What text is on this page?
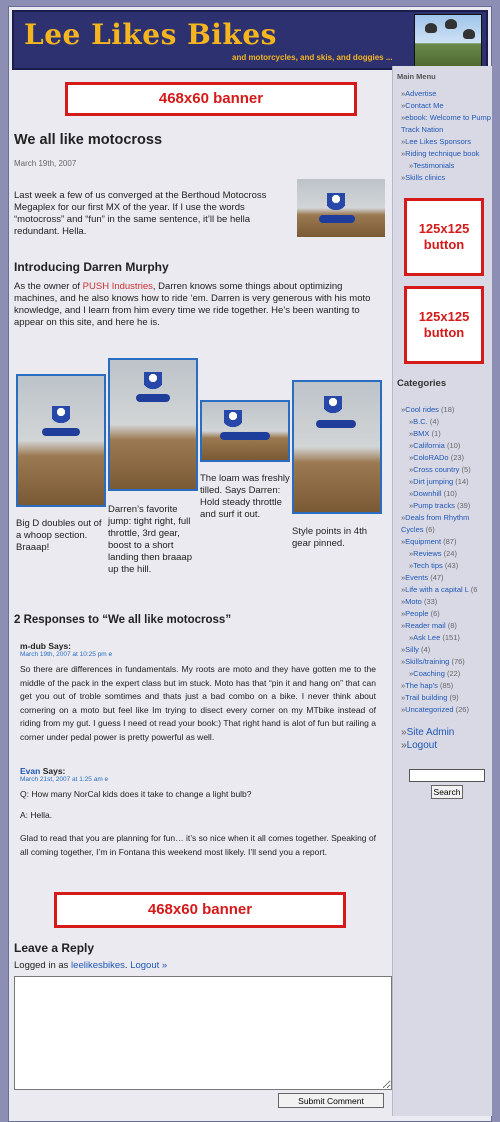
Lee Likes Bikes
and motorcycles, and skis, and doggies ...
468x60 banner
We all like motocross
March 19th, 2007
Last week a few of us converged at the Berthoud Motocross Megaplex for our first MX of the year. If I use the words “motocross” and “fun” in the same sentence, it’ll be hella redundant. Hella.
Introducing Darren Murphy
As the owner of PUSH Industries, Darren knows some things about optimizing machines, and he also knows how to ride ‘em. Darren is very generous with his moto knowledge, and I learn from him every time we ride together. He’s been wanting to appear on this site, and here he is.
Big D doubles out of a whoop section. Braaap!
Darren’s favorite jump: tight right, full throttle, 3rd gear, boost to a short landing then braaap up the hill.
The loam was freshly tilled. Says Darren: Hold steady throttle and surf it out.
Style points in 4th gear pinned.
2 Responses to “We all like motocross”
m-dub Says:
March 19th, 2007 at 10:25 pm e
So there are differences in fundamentals. My roots are moto and they have gotten me to the middle of the pack in the expert class but im stuck. Moto has that “pin it and hang on” that can get you out of troble somtimes and thats just a bad combo on a bike. I never think about cornering on a moto but feel like Im trying to disect every corner on my MTbike instead of riding from my gut. I guess I need ot read your book:) That right hand is alot of fun but railing a corner under pedal power is pretty powerful as well.
Evan Says:
March 21st, 2007 at 1:25 am e
Q: How many NorCal kids does it take to change a light bulb?
A: Hella.
Glad to read that you are planning for fun… it’s so nice when it all comes together. Speaking of all coming together, I’m in Fontana this weekend most likely. I’ll send you a report.
468x60 banner
Leave a Reply
Logged in as leelikesbikes. Logout »
Submit Comment
Main Menu
» Advertise
» Contact Me
» ebook: Welcome to Pump Track Nation
» Lee Likes Sponsors
» Riding technique book
» Testimonials
» Skills clinics
125x125
button
125x125
button
Categories
» Cool rides (18)
» B.C. (4)
» BMX (1)
» California (10)
» ColoRADo (23)
» Cross country (5)
» Dirt jumping (14)
» Downhill (10)
» Pump tracks (39)
» Deals from Rhythm Cycles (6)
» Equipment (87)
» Reviews (24)
» Tech tips (43)
» Events (47)
» Life with a capital L (6
» Moto (33)
» People (6)
» Reader mail (8)
» Ask Lee (151)
» Silly (4)
» Skills/training (76)
» Coaching (22)
» The hap's (85)
» Trail building (9)
» Uncategorized (26)
» Site Admin
» Logout
Search
